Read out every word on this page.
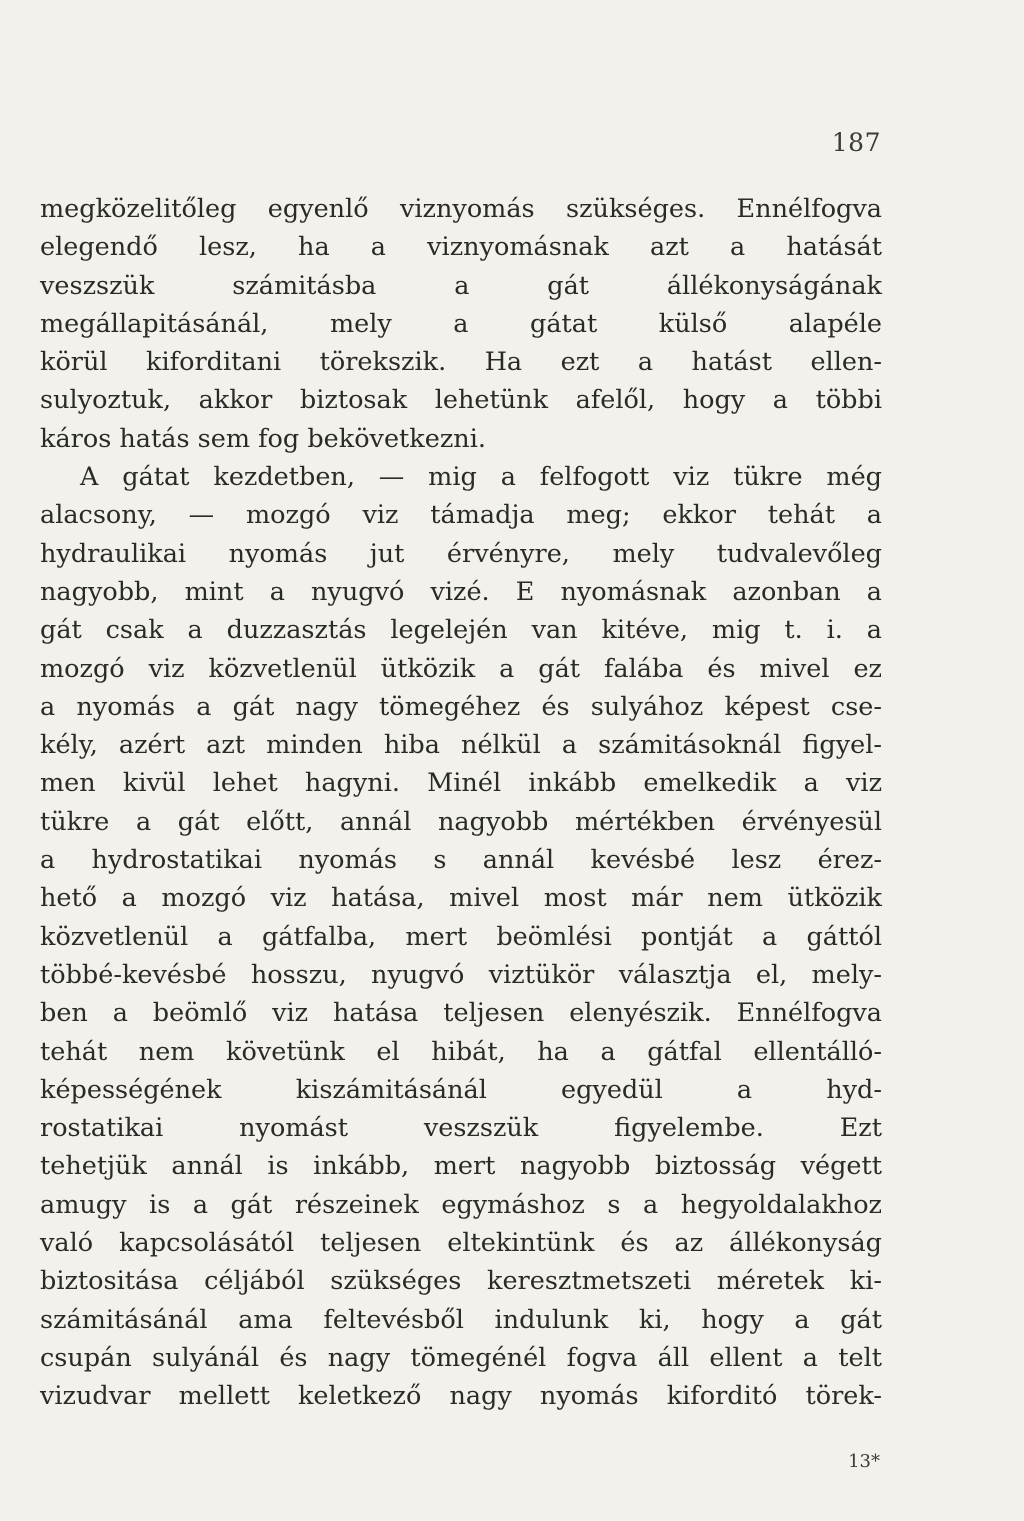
187
megközelitőleg egyenlő viznyomás szükséges. Ennélfogva
elegendő lesz, ha a viznyomásnak azt a hatását
veszszük számitásba a gát állékonyságának
megállapitásánál, mely a gátat külső alapéle
körül kiforditani törekszik. Ha ezt a hatást ellen-
sulyoztuk, akkor biztosak lehetünk afelől, hogy a többi
káros hatás sem fog bekövetkezni.
A gátat kezdetben, — mig a felfogott viz tükre még
alacsony, — mozgó viz támadja meg; ekkor tehát a
hydraulikai nyomás jut érvényre, mely tudvalevőleg
nagyobb, mint a nyugvó vizé. E nyomásnak azonban a
gát csak a duzzasztás legelején van kitéve, mig t. i. a
mozgó viz közvetlenül ütközik a gát falába és mivel ez
a nyomás a gát nagy tömegéhez és sulyához képest cse-
kély, azért azt minden hiba nélkül a számitásoknál figyel-
men kivül lehet hagyni. Minél inkább emelkedik a viz
tükre a gát előtt, annál nagyobb mértékben érvényesül
a hydrostatikai nyomás s annál kevésbé lesz érez-
hető a mozgó viz hatása, mivel most már nem ütközik
közvetlenül a gátfalba, mert beömlési pontját a gáttól
többé-kevésbé hosszu, nyugvó viztükör választja el, mely-
ben a beömlő viz hatása teljesen elenyészik. Ennélfogva
tehát nem követünk el hibát, ha a gátfal ellentálló-
képességének kiszámitásánál egyedül a hyd-
rostatikai nyomást veszszük figyelembe. Ezt
tehetjük annál is inkább, mert nagyobb biztosság végett
amugy is a gát részeinek egymáshoz s a hegyoldalakhoz
való kapcsolásától teljesen eltekintünk és az állékonyság
biztositása céljából szükséges keresztmetszeti méretek ki-
számitásánál ama feltevésből indulunk ki, hogy a gát
csupán sulyánál és nagy tömegénél fogva áll ellent a telt
vizudvar mellett keletkező nagy nyomás kiforditó törek-
13*
